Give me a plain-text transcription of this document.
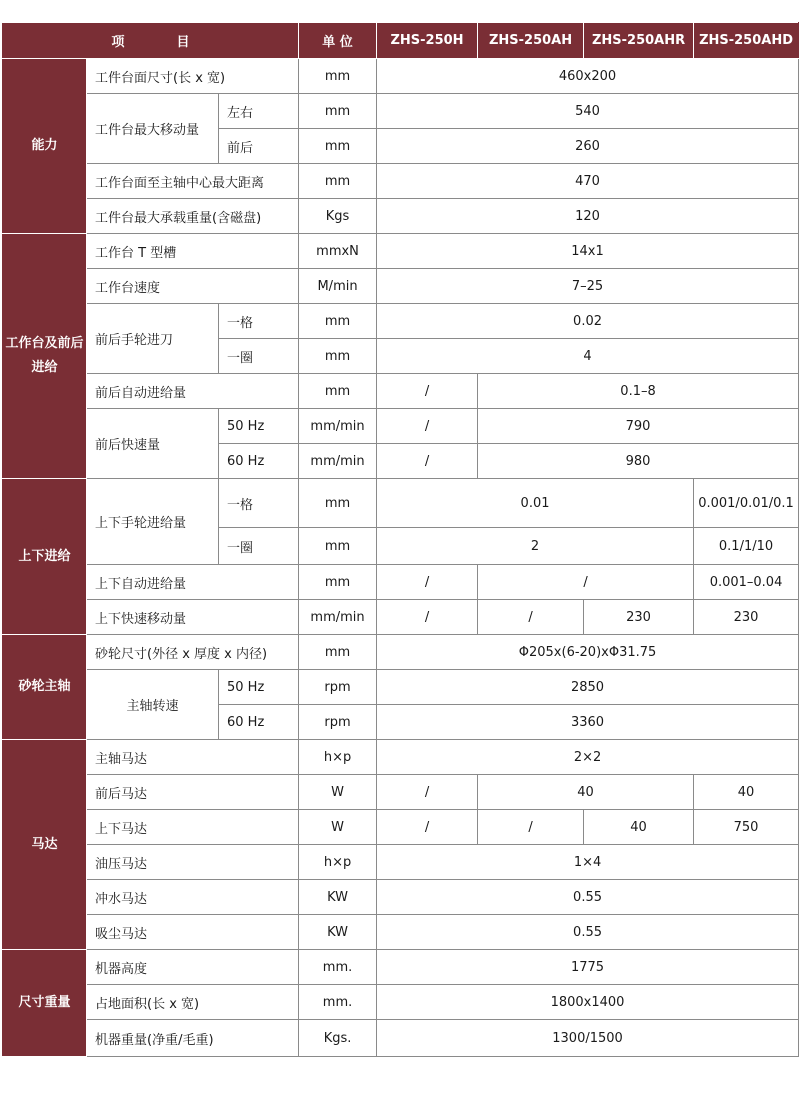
项　　　　目			单 位	ZHS-250H	ZHS-250AH	ZHS-250AHR	ZHS-250AHD
能力	工件台面尺寸(长 x 宽)		mm	460x200			
	工件台最大移动量	左右	mm	540			
		前后	mm	260			
	工作台面至主轴中心最大距离		mm	470			
	工件台最大承载重量(含磁盘)		Kgs	120			
工作台及前后进给	工作台 T 型槽		mmxN	14x1			
	工作台速度		M/min	7–25			
	前后手轮进刀	一格	mm	0.02			
		一圈	mm	4			
	前后自动进给量		mm	/	0.1–8		
	前后快速量	50 Hz	mm/min	/	790		
		60 Hz	mm/min	/	980		
上下进给	上下手轮进给量	一格	mm	0.01			0.001/0.01/0.1
		一圈	mm	2			0.1/1/10
	上下自动进给量		mm	/	/		0.001–0.04
	上下快速移动量		mm/min	/	/	230	230
砂轮主轴	砂轮尺寸(外径 x 厚度 x 内径)		mm	Φ205x(6-20)xΦ31.75			
	主轴转速	50 Hz	rpm	2850			
		60 Hz	rpm	3360			
马达	主轴马达		h×p	2×2			
	前后马达		W	/	40		40
	上下马达		W	/	/	40	750
	油压马达		h×p	1×4			
	冲水马达		KW	0.55			
	吸尘马达		KW	0.55			
尺寸重量	机器高度		mm.	1775			
	占地面积(长 x 宽)		mm.	1800x1400			
	机器重量(净重/毛重)		Kgs.	1300/1500			
